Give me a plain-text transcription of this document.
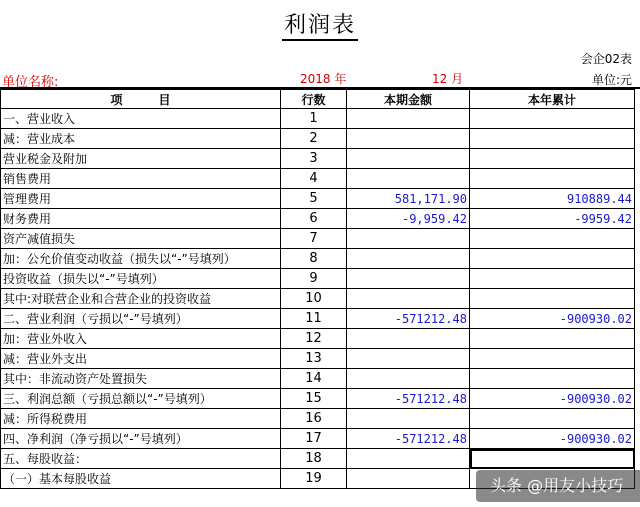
利润表
会企02表
单位名称:	2018 年	12 月	单位:元
项　　　目	行数	本期金额	本年累计
一、营业收入	1		
减：营业成本	2		
营业税金及附加	3		
销售费用	4		
管理费用	5	581,171.90	910889.44
财务费用	6	-9,959.42	-9959.42
资产减值损失	7		
加：公允价值变动收益（损失以“-”号填列）	8		
投资收益（损失以“-”号填列）	9		
其中:对联营企业和合营企业的投资收益	10		
二、营业利润（亏损以“-”号填列）	11	-571212.48	-900930.02
加：营业外收入	12		
减：营业外支出	13		
其中：非流动资产处置损失	14		
三、利润总额（亏损总额以“-”号填列）	15	-571212.48	-900930.02
减：所得税费用	16		
四、净利润（净亏损以“-”号填列）	17	-571212.48	-900930.02
五、每股收益：	18		
（一）基本每股收益	19			头条 @用友小技巧
